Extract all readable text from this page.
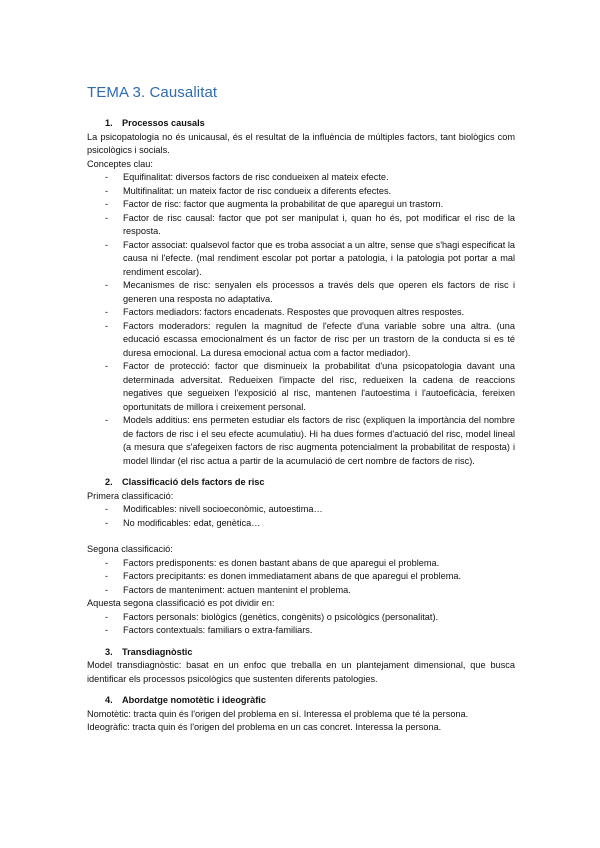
TEMA 3. Causalitat
1. Processos causals

La psicopatologia no és unicausal, és el resultat de la influència de múltiples factors, tant biològics com psicològics i socials.

Conceptes clau:

- Equifinalitat: diversos factors de risc condueixen al mateix efecte.
- Multifinalitat: un mateix factor de risc condueix a diferents efectes.
- Factor de risc: factor que augmenta la probabilitat de que aparegui un trastorn.
- Factor de risc causal: factor que pot ser manipulat i, quan ho és, pot modificar el risc de la resposta.
- Factor associat: qualsevol factor que es troba associat a un altre, sense que s'hagi especificat la causa ni l'efecte. (mal rendiment escolar pot portar a patologia, i la patologia pot portar a mal rendiment escolar).
- Mecanismes de risc: senyalen els processos a través dels que operen els factors de risc i generen una resposta no adaptativa.
- Factors mediadors: factors encadenats. Respostes que provoquen altres respostes.
- Factors moderadors: regulen la magnitud de l'efecte d'una variable sobre una altra. (una educació escassa emocionalment és un factor de risc per un trastorn de la conducta si es té duresa emocional. La duresa emocional actua com a factor mediador).
- Factor de protecció: factor que disminueix la probabilitat d'una psicopatologia davant una determinada adversitat. Redueixen l'impacte del risc, redueixen la cadena de reaccions negatives que segueixen l'exposició al risc, mantenen l'autoestima i l'autoeficàcia, fereixen oportunitats de millora i creixement personal.
- Models additius: ens permeten estudiar els factors de risc (expliquen la importància del nombre de factors de risc i el seu efecte acumulatiu). Hi ha dues formes d'actuació del risc, model lineal (a mesura que s'afegeixen factors de risc augmenta potencialment la probabilitat de resposta) i model llindar (el risc actua a partir de la acumulació de cert nombre de factors de risc).
2. Classificació dels factors de risc

Primera classificació:

- Modificables: nivell socioeconòmic, autoestima…
- No modificables: edat, genètica…

Segona classificació:

- Factors predisponents: es donen bastant abans de que aparegui el problema.
- Factors precipitants: es donen immediatament abans de que aparegui el problema.
- Factors de manteniment: actuen mantenint el problema.

Aquesta segona classificació es pot dividir en:

- Factors personals: biològics (genètics, congènits) o psicològics (personalitat).
- Factors contextuals: familiars o extra-familiars.
3. Transdiagnòstic

Model transdiagnòstic: basat en un enfoc que treballa en un plantejament dimensional, que busca identificar els processos psicològics que sustenten diferents patologies.

4. Abordatge nomotètic i ideogràfic

Nomotètic: tracta quin és l'origen del problema en sí. Interessa el problema que té la persona.

Ideogràfic: tracta quin és l'origen del problema en un cas concret. Interessa la persona.
